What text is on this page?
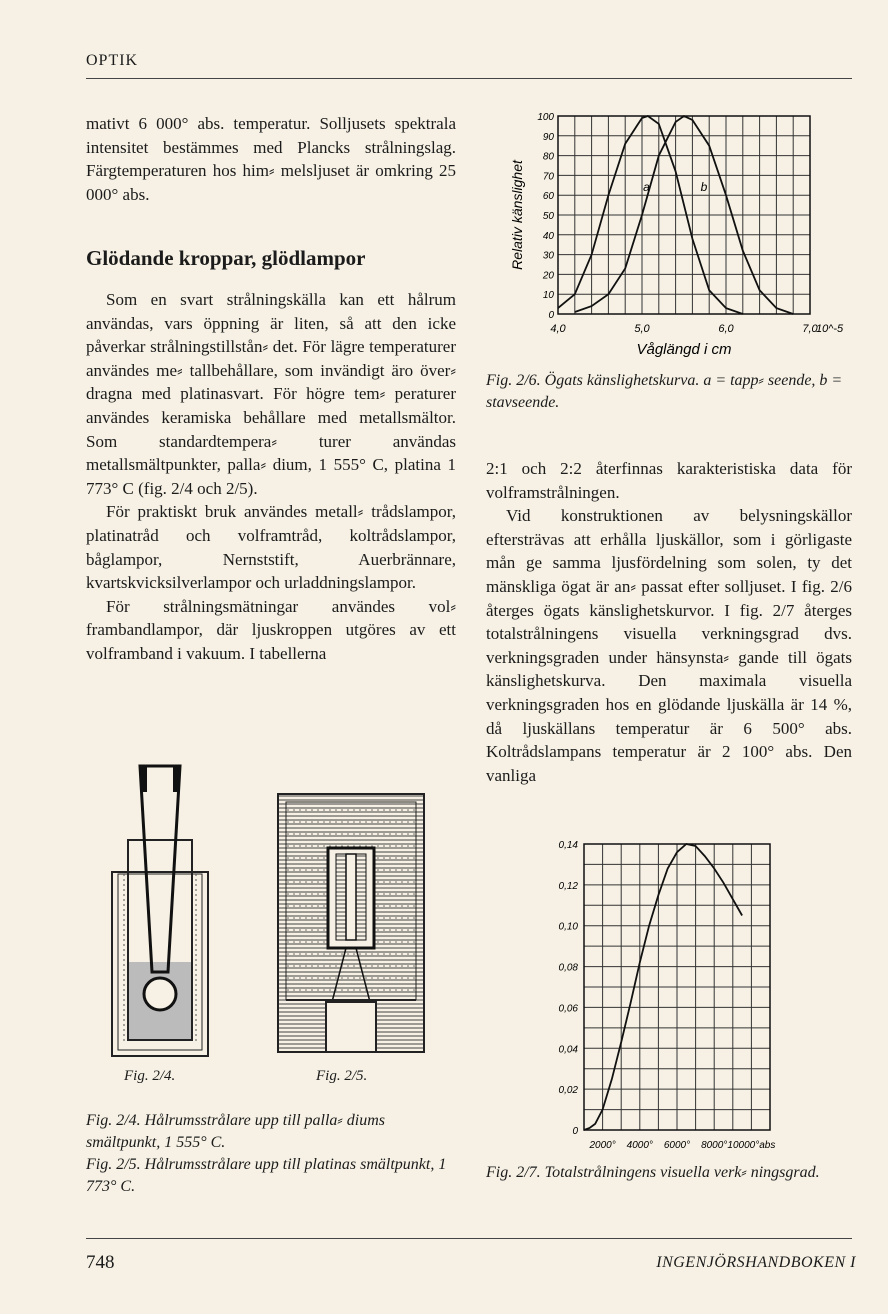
OPTIK

mativt 6 000° abs. temperatur. Solljusets spektrala intensitet bestämmes med Plancks strålningslag. Färgtemperaturen hos him⸗ melsljuset är omkring 25 000° abs.

Glödande kroppar, glödlampor

Som en svart strålningskälla kan ett hålrum användas, vars öppning är liten, så att den icke påverkar strålningstillstån⸗ det. För lägre temperaturer användes me⸗ tallbehållare, som invändigt äro över⸗ dragna med platinasvart. För högre tem⸗ peraturer användes keramiska behållare med metallsmältor. Som standardtempera⸗ turer användas metallsmältpunkter, palla⸗ dium, 1 555° C, platina 1 773° C (fig. 2/4 och 2/5).

För praktiskt bruk användes metall⸗ trådslampor, platinatråd och volframtråd, koltrådslampor, båglampor, Nernststift, Auerbrännare, kvartskvicksilverlampor och urladdningslampor.

För strålningsmätningar användes vol⸗ frambandlampor, där ljuskroppen utgöres av ett volframband i vakuum. I tabellerna

Fig. 2/4.	Fig. 2/5.
Fig. 2/4. Hålrumsstrålare upp till palla⸗ diums smältpunkt, 1 555° C.
Fig. 2/5. Hålrumsstrålare upp till platinas smältpunkt, 1 773° C.
100
90
80
70
60
50
40
30
20
10
0
4,0	5,0	6,0	7,0
10^-5
Våglängd i cm
Relativ känslighet	a	b
Fig. 2/6. Ögats känslighetskurva. a = tapp⸗ seende, b = stavseende.

2:1 och 2:2 återfinnas karakteristiska data för volframstrålningen.

Vid konstruktionen av belysningskällor eftersträvas att erhålla ljuskällor, som i görligaste mån ge samma ljusfördelning som solen, ty det mänskliga ögat är an⸗ passat efter solljuset. I fig. 2/6 återges ögats känslighetskurvor. I fig. 2/7 återges totalstrålningens visuella verkningsgrad dvs. verkningsgraden under hänsynsta⸗ gande till ögats känslighetskurva. Den maximala visuella verkningsgraden hos en glödande ljuskälla är 14 %, då ljuskällans temperatur är 6 500° abs. Koltrådslampans temperatur är 2 100° abs. Den vanliga

0,14
0,12
0,10
0,08
0,06
0,04
0,02
0
2000° 4000° 6000° 8000° 10000°abs
Fig. 2/7. Totalstrålningens visuella verk⸗ ningsgrad.
748	INGENJÖRSHANDBOKEN I
